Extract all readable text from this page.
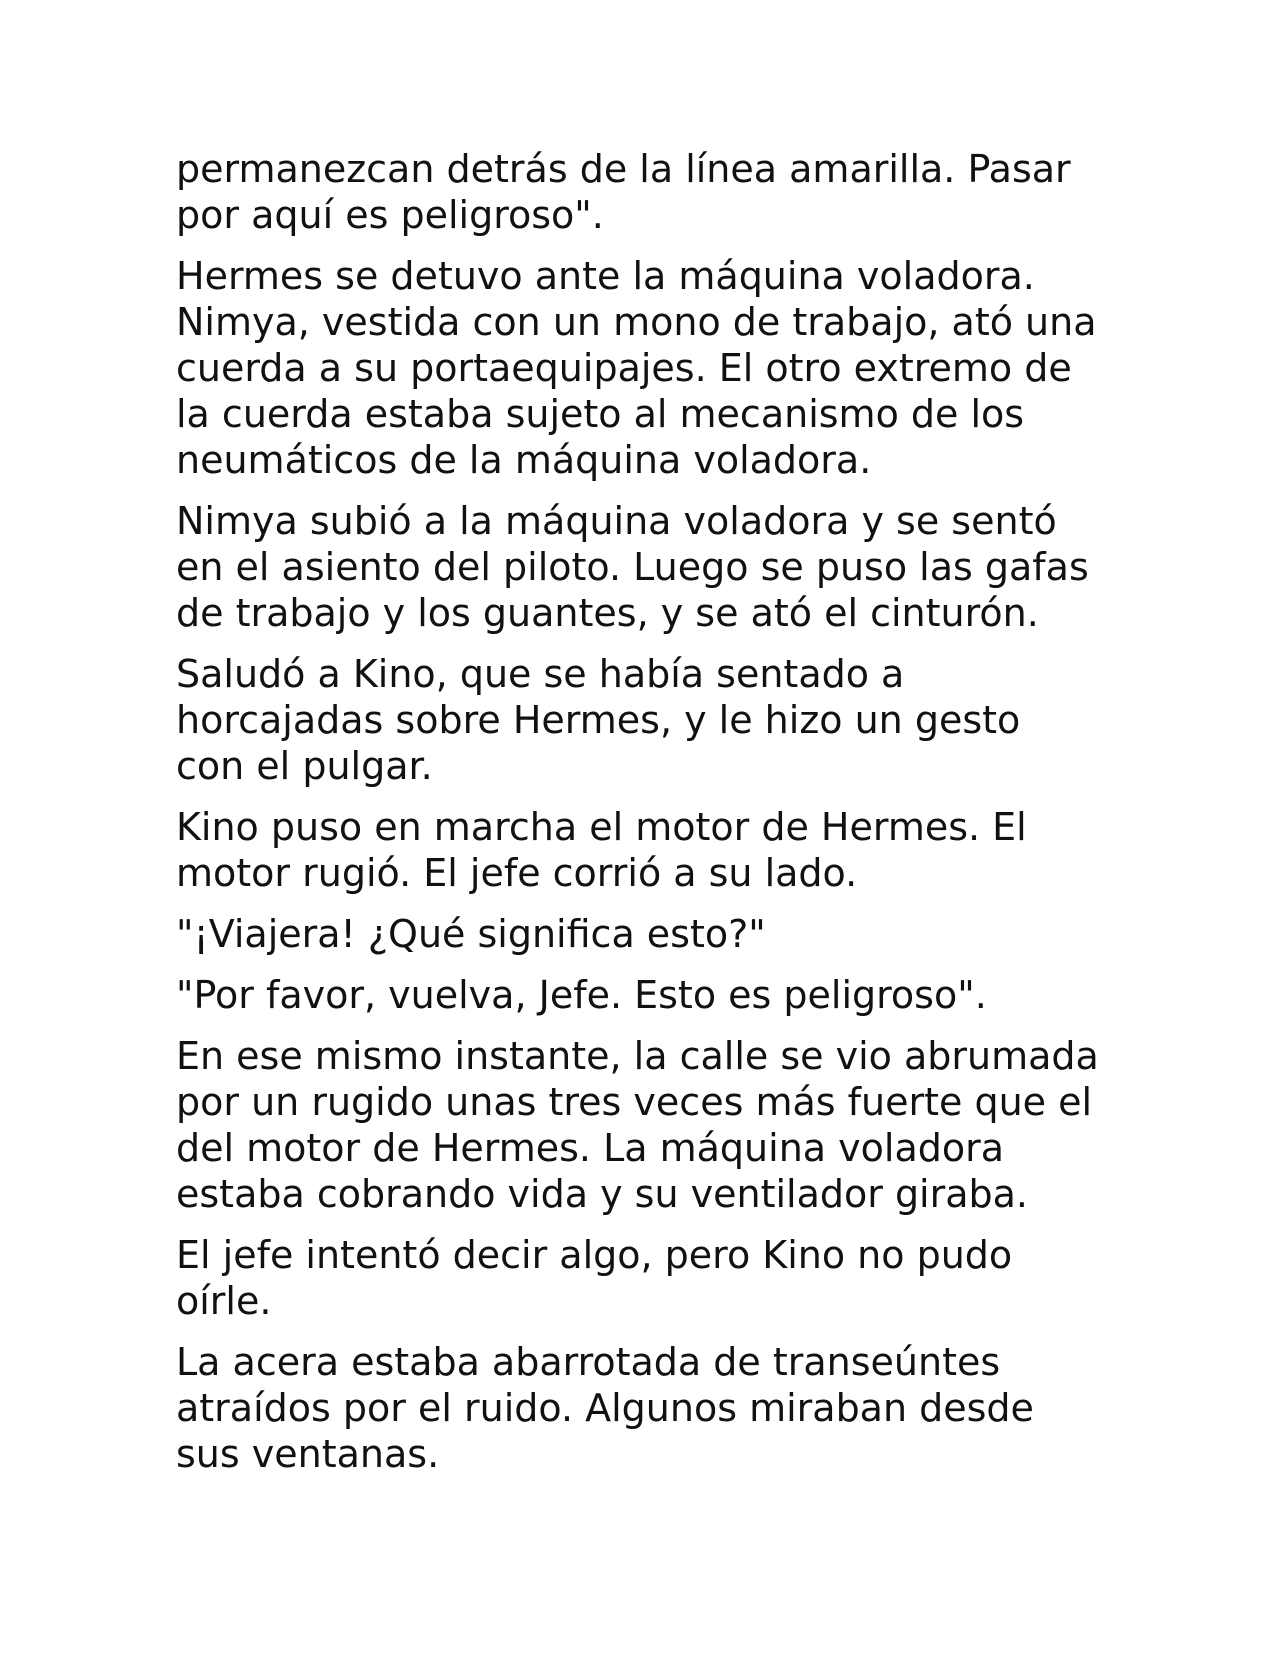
permanezcan detrás de la línea amarilla. Pasar
por aquí es peligroso".

Hermes se detuvo ante la máquina voladora.
Nimya, vestida con un mono de trabajo, ató una
cuerda a su portaequipajes. El otro extremo de
la cuerda estaba sujeto al mecanismo de los
neumáticos de la máquina voladora.

Nimya subió a la máquina voladora y se sentó
en el asiento del piloto. Luego se puso las gafas
de trabajo y los guantes, y se ató el cinturón.

Saludó a Kino, que se había sentado a
horcajadas sobre Hermes, y le hizo un gesto
con el pulgar.

Kino puso en marcha el motor de Hermes. El
motor rugió. El jefe corrió a su lado.

"¡Viajera! ¿Qué significa esto?"

"Por favor, vuelva, Jefe. Esto es peligroso".

En ese mismo instante, la calle se vio abrumada
por un rugido unas tres veces más fuerte que el
del motor de Hermes. La máquina voladora
estaba cobrando vida y su ventilador giraba.

El jefe intentó decir algo, pero Kino no pudo
oírle.

La acera estaba abarrotada de transeúntes
atraídos por el ruido. Algunos miraban desde
sus ventanas.
